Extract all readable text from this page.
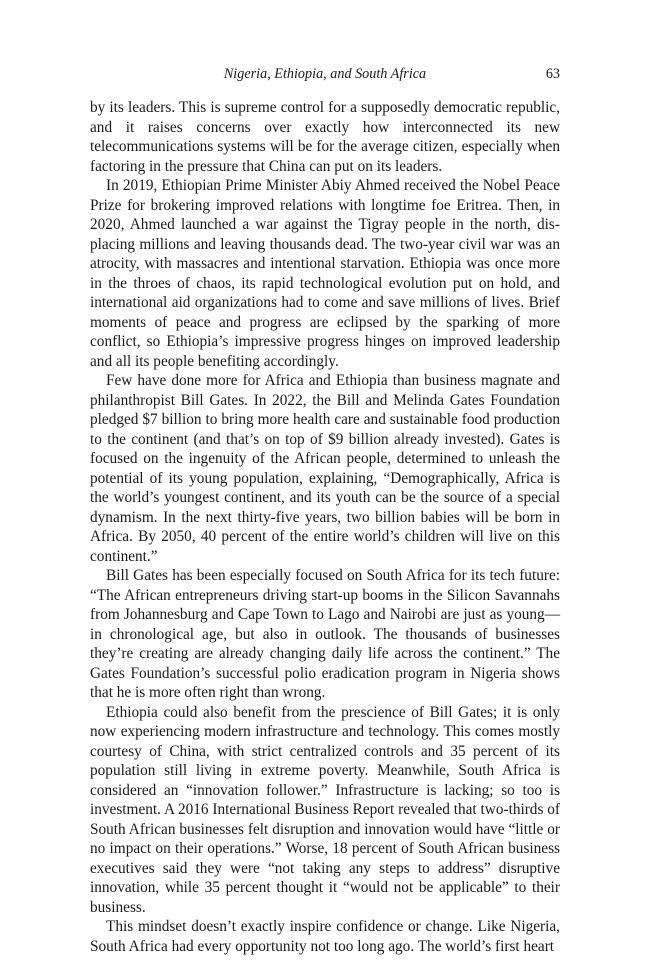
Nigeria, Ethiopia, and South Africa	63

by its leaders. This is supreme control for a supposedly democratic republic, and it raises concerns over exactly how interconnected its new telecommunications systems will be for the average citizen, especially when factoring in the pressure that China can put on its leaders.

In 2019, Ethiopian Prime Minister Abiy Ahmed received the Nobel Peace Prize for brokering improved relations with longtime foe Eritrea. Then, in 2020, Ahmed launched a war against the Tigray people in the north, displacing millions and leaving thousands dead. The two-year civil war was an atrocity, with massacres and intentional starvation. Ethiopia was once more in the throes of chaos, its rapid technological evolution put on hold, and international aid organizations had to come and save millions of lives. Brief moments of peace and progress are eclipsed by the sparking of more conflict, so Ethiopia’s impressive progress hinges on improved leadership and all its people benefiting accordingly.

Few have done more for Africa and Ethiopia than business magnate and philanthropist Bill Gates. In 2022, the Bill and Melinda Gates Foundation pledged $7 billion to bring more health care and sustainable food production to the continent (and that’s on top of $9 billion already invested). Gates is focused on the ingenuity of the African people, determined to unleash the potential of its young population, explaining, “Demographically, Africa is the world’s youngest continent, and its youth can be the source of a special dynamism. In the next thirty-five years, two billion babies will be born in Africa. By 2050, 40 percent of the entire world’s children will live on this continent.”

Bill Gates has been especially focused on South Africa for its tech future: “The African entrepreneurs driving start-up booms in the Silicon Savannahs from Johannesburg and Cape Town to Lago and Nairobi are just as young— in chronological age, but also in outlook. The thousands of businesses they’re creating are already changing daily life across the continent.” The Gates Foundation’s successful polio eradication program in Nigeria shows that he is more often right than wrong.

Ethiopia could also benefit from the prescience of Bill Gates; it is only now experiencing modern infrastructure and technology. This comes mostly courtesy of China, with strict centralized controls and 35 percent of its population still living in extreme poverty. Meanwhile, South Africa is considered an “innovation follower.” Infrastructure is lacking; so too is investment. A 2016 International Business Report revealed that two-thirds of South African businesses felt disruption and innovation would have “little or no impact on their operations.” Worse, 18 percent of South African business executives said they were “not taking any steps to address” disruptive innovation, while 35 percent thought it “would not be applicable” to their business.

This mindset doesn’t exactly inspire confidence or change. Like Nigeria, South Africa had every opportunity not too long ago. The world’s first heart
